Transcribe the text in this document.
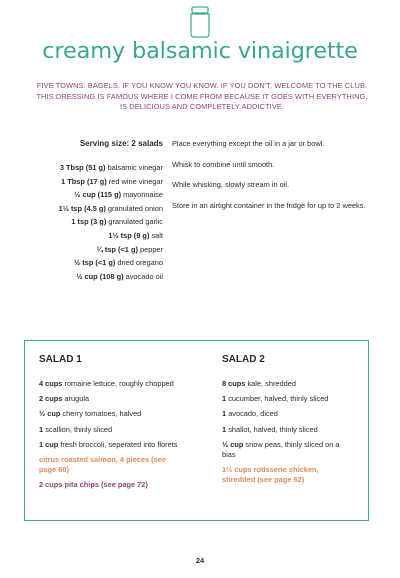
creamy balsamic vinaigrette
FIVE TOWNS. BAGELS. IF YOU KNOW YOU KNOW. IF YOU DON'T, WELCOME TO THE CLUB. THIS DRESSING IS FAMOUS WHERE I COME FROM BECAUSE IT GOES WITH EVERYTHING, IS DELICIOUS AND COMPLETELY ADDICTIVE.
Serving size: 2 salads
3 Tbsp (51 g) balsamic vinegar
1 Tbsp (17 g) red wine vinegar
½ cup (115 g) mayonnaise
1½ tsp (4.5 g) granulated onion
1 tsp (3 g) granulated garlic
1½ tsp (9 g) salt
¼ tsp (<1 g) pepper
½ tsp (<1 g) dried oregano
½ cup (108 g) avocado oil
Place everything except the oil in a jar or bowl.
Whisk to combine until smooth.
While whisking, slowly stream in oil.
Store in an airtight container in the fridge for up to 2 weeks.
SALAD 1
4 cups romaine lettuce, roughly chopped
2 cups arugula
½ cup cherry tomatoes, halved
1 scallion, thinly sliced
1 cup fresh broccoli, seperated into florets
citrus roasted salmon, 4 pieces (see page 60)
2 cups pita chips (see page 72)
SALAD 2
8 cups kale, shredded
1 cucumber, halved, thinly sliced
1 avocado, diced
1 shallot, halved, thinly sliced
½ cup snow peas, thinly sliced on a bias
1½ cups rotisserie chicken, shredded (see page 62)
24
